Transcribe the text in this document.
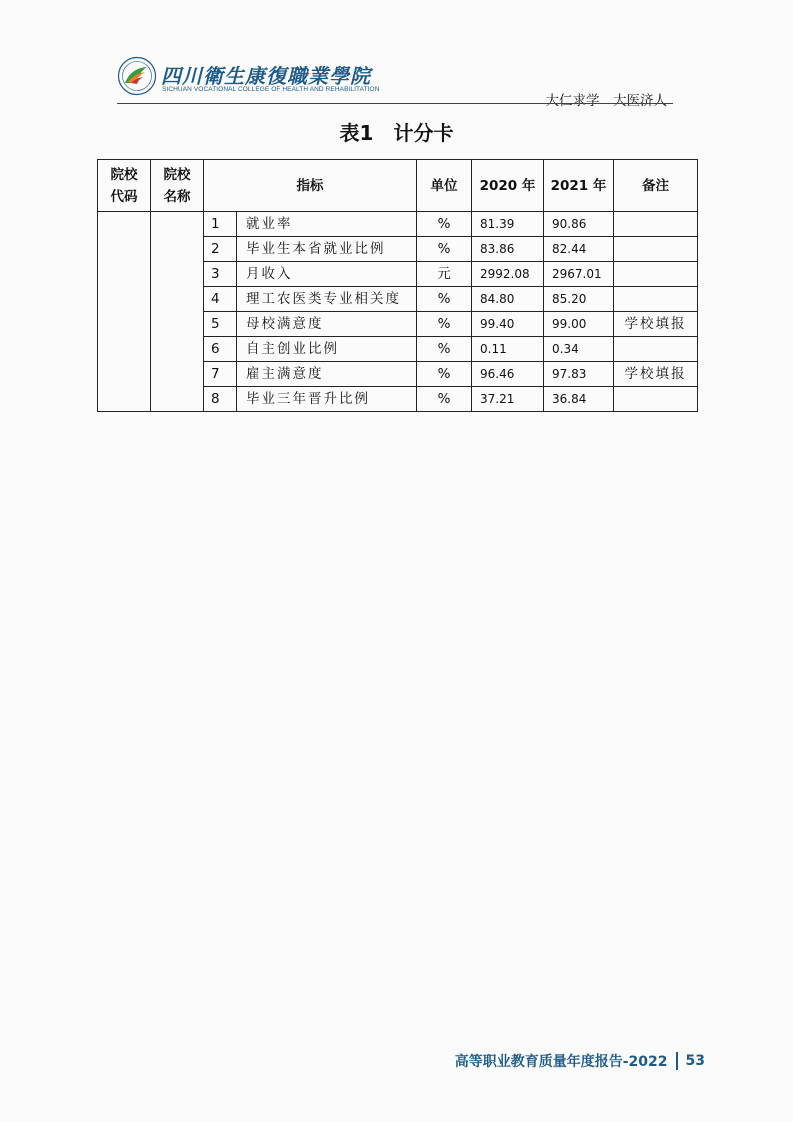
四川衛生康復職業學院
SICHUAN VOCATIONAL COLLEGE OF HEALTH AND REHABILITATION
大仁求学　大医济人
表1　计分卡
院校代码	院校名称	指标		单位	2020 年	2021 年	备注
		1	就业率	%	81.39	90.86	
		2	毕业生本省就业比例	%	83.86	82.44	
		3	月收入	元	2992.08	2967.01	
		4	理工农医类专业相关度	%	84.80	85.20	
		5	母校满意度	%	99.40	99.00	学校填报
		6	自主创业比例	%	0.11	0.34	
		7	雇主满意度	%	96.46	97.83	学校填报
		8	毕业三年晋升比例	%	37.21	36.84	
高等职业教育质量年度报告-2022 53
